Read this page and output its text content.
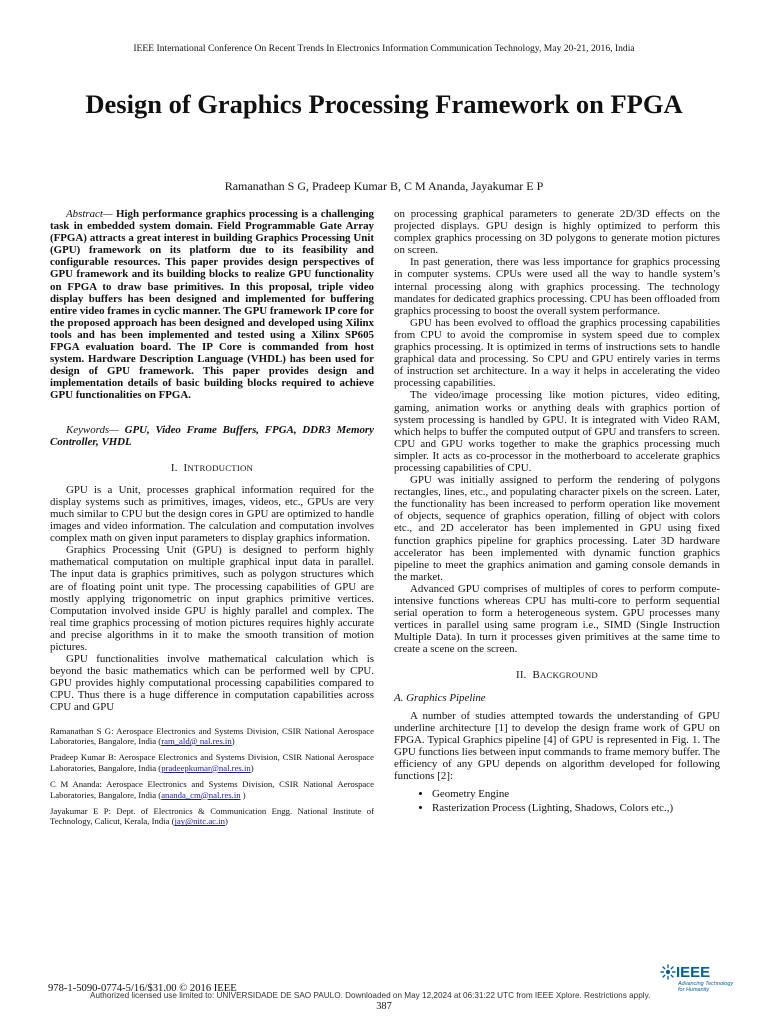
IEEE International Conference On Recent Trends In Electronics Information Communication Technology, May 20-21, 2016, India
Design of Graphics Processing Framework on FPGA
Ramanathan S G, Pradeep Kumar B, C M Ananda, Jayakumar E P

Abstract— High performance graphics processing is a challenging task in embedded system domain. Field Programmable Gate Array (FPGA) attracts a great interest in building Graphics Processing Unit (GPU) framework on its platform due to its feasibility and configurable resources. This paper provides design perspectives of GPU framework and its building blocks to realize GPU functionality on FPGA to draw base primitives. In this proposal, triple video display buffers has been designed and implemented for buffering entire video frames in cyclic manner. The GPU framework IP core for the proposed approach has been designed and developed using Xilinx tools and has been implemented and tested using a Xilinx SP605 FPGA evaluation board. The IP Core is commanded from host system. Hardware Description Language (VHDL) has been used for design of GPU framework. This paper provides design and implementation details of basic building blocks required to achieve GPU functionalities on FPGA.

Keywords— GPU, Video Frame Buffers, FPGA, DDR3 Memory Controller, VHDL

I. INTRODUCTION

GPU is a Unit, processes graphical information required for the display systems such as primitives, images, videos, etc., GPUs are very much similar to CPU but the design cores in GPU are optimized to handle images and video information. The calculation and computation involves complex math on given input parameters to display graphics information.

Graphics Processing Unit (GPU) is designed to perform highly mathematical computation on multiple graphical input data in parallel. The input data is graphics primitives, such as polygon structures which are of floating point unit type. The processing capabilities of GPU are mostly applying trigonometric on input graphics primitive vertices. Computation involved inside GPU is highly parallel and complex. The real time graphics processing of motion pictures requires highly accurate and precise algorithms in it to make the smooth transition of motion pictures.

GPU functionalities involve mathematical calculation which is beyond the basic mathematics which can be performed well by CPU. GPU provides highly computational processing capabilities compared to CPU. Thus there is a huge difference in computation capabilities across CPU and GPU

Ramanathan S G: Aerospace Electronics and Systems Division, CSIR National Aerospace Laboratories, Bangalore, India (ram_ald@ nal.res.in)

Pradeep Kumar B: Aerospace Electronics and Systems Division, CSIR National Aerospace Laboratories, Bangalore, India (pradeepkumar@nal.res.in)

C M Ananda: Aerospace Electronics and Systems Division, CSIR National Aerospace Laboratories, Bangalore, India (ananda_cm@nal.res.in )

Jayakumar E P: Dept. of Electronics & Communication Engg. National Institute of Technology, Calicut, Kerala, India (jay@nitc.ac.in)

on processing graphical parameters to generate 2D/3D effects on the projected displays. GPU design is highly optimized to perform this complex graphics processing on 3D polygons to generate motion pictures on screen.

In past generation, there was less importance for graphics processing in computer systems. CPUs were used all the way to handle system’s internal processing along with graphics processing. The technology mandates for dedicated graphics processing. CPU has been offloaded from graphics processing to boost the overall system performance.

GPU has been evolved to offload the graphics processing capabilities from CPU to avoid the compromise in system speed due to complex graphics processing. It is optimized in terms of instructions sets to handle graphical data and processing. So CPU and GPU entirely varies in terms of instruction set architecture. In a way it helps in accelerating the video processing capabilities.

The video/image processing like motion pictures, video editing, gaming, animation works or anything deals with graphics portion of system processing is handled by GPU. It is integrated with Video RAM, which helps to buffer the computed output of GPU and transfers to screen. CPU and GPU works together to make the graphics processing much simpler. It acts as co-processor in the motherboard to accelerate graphics processing capabilities of CPU.

GPU was initially assigned to perform the rendering of polygons rectangles, lines, etc., and populating character pixels on the screen. Later, the functionality has been increased to perform operation like movement of objects, sequence of graphics operation, filling of object with colors etc., and 2D accelerator has been implemented in GPU using fixed function graphics pipeline for graphics processing. Later 3D hardware accelerator has been implemented with dynamic function graphics pipeline to meet the graphics animation and gaming console demands in the market.

Advanced GPU comprises of multiples of cores to perform compute-intensive functions whereas CPU has multi-core to perform sequential serial operation to form a heterogeneous system. GPU processes many vertices in parallel using same program i.e., SIMD (Single Instruction Multiple Data). In turn it processes given primitives at the same time to create a scene on the screen.

II. BACKGROUND

A. Graphics Pipeline

A number of studies attempted towards the understanding of GPU underline architecture [1] to develop the design frame work of GPU on FPGA. Typical Graphics pipeline [4] of GPU is represented in Fig. 1. The GPU functions lies between input commands to frame memory buffer. The efficiency of any GPU depends on algorithm developed for following functions [2]:

• Geometry Engine
• Rasterization Process (Lighting, Shadows, Colors etc.,)
IEEE
Advancing Technology
for Humanity
978-1-5090-0774-5/16/$31.00 © 2016 IEEE
Authorized licensed use limited to: UNIVERSIDADE DE SAO PAULO. Downloaded on May 12,2024 at 06:31:22 UTC from IEEE Xplore. Restrictions apply.
387
